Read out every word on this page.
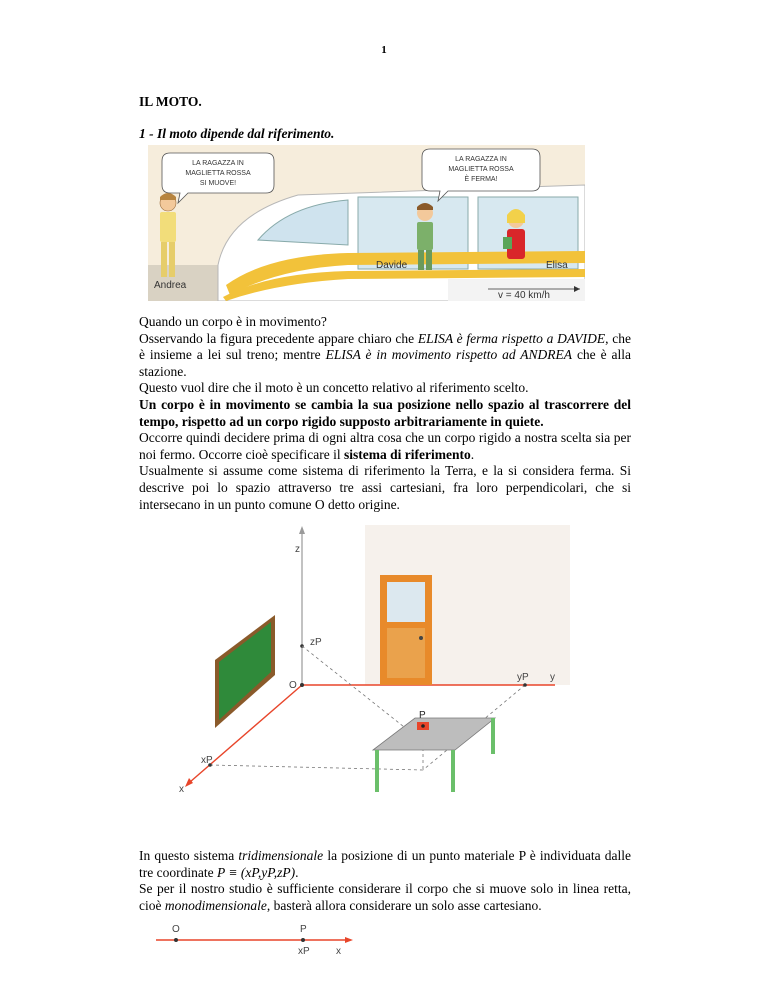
1
IL MOTO.
1 - Il moto dipende dal riferimento.
LA RAGAZZA IN
MAGLIETTA ROSSA
SI MUOVE!
LA RAGAZZA IN
MAGLIETTA ROSSA
È FERMA!
Andrea
Davide	Elisa
v = 40 km/h

Quando un corpo è in movimento?

Osservando la figura precedente appare chiaro che ELISA è ferma rispetto a DAVIDE, che è insieme a lei sul treno; mentre ELISA è in movimento rispetto ad ANDREA che è alla stazione.

Questo vuol dire che il moto è un concetto relativo al riferimento scelto.

Un corpo è in movimento se cambia la sua posizione nello spazio al trascorrere del tempo, rispetto ad un corpo rigido supposto arbitrariamente in quiete.

Occorre quindi decidere prima di ogni altra cosa che un corpo rigido a nostra scelta sia per noi fermo. Occorre cioè specificare il sistema di riferimento.

Usualmente si assume come sistema di riferimento la Terra, e la si considera ferma. Si descrive poi lo spazio attraverso tre assi cartesiani, fra loro perpendicolari, che si intersecano in un punto comune O detto origine.

z
y
x
O
zP
yP
xP
P

In questo sistema tridimensionale la posizione di un punto materiale P è individuata dalle tre coordinate P ≡ (xP,yP,zP).

Se per il nostro studio è sufficiente considerare il corpo che si muove solo in linea retta, cioè monodimensionale, basterà allora considerare un solo asse cartesiano.

O	P
xP	x
